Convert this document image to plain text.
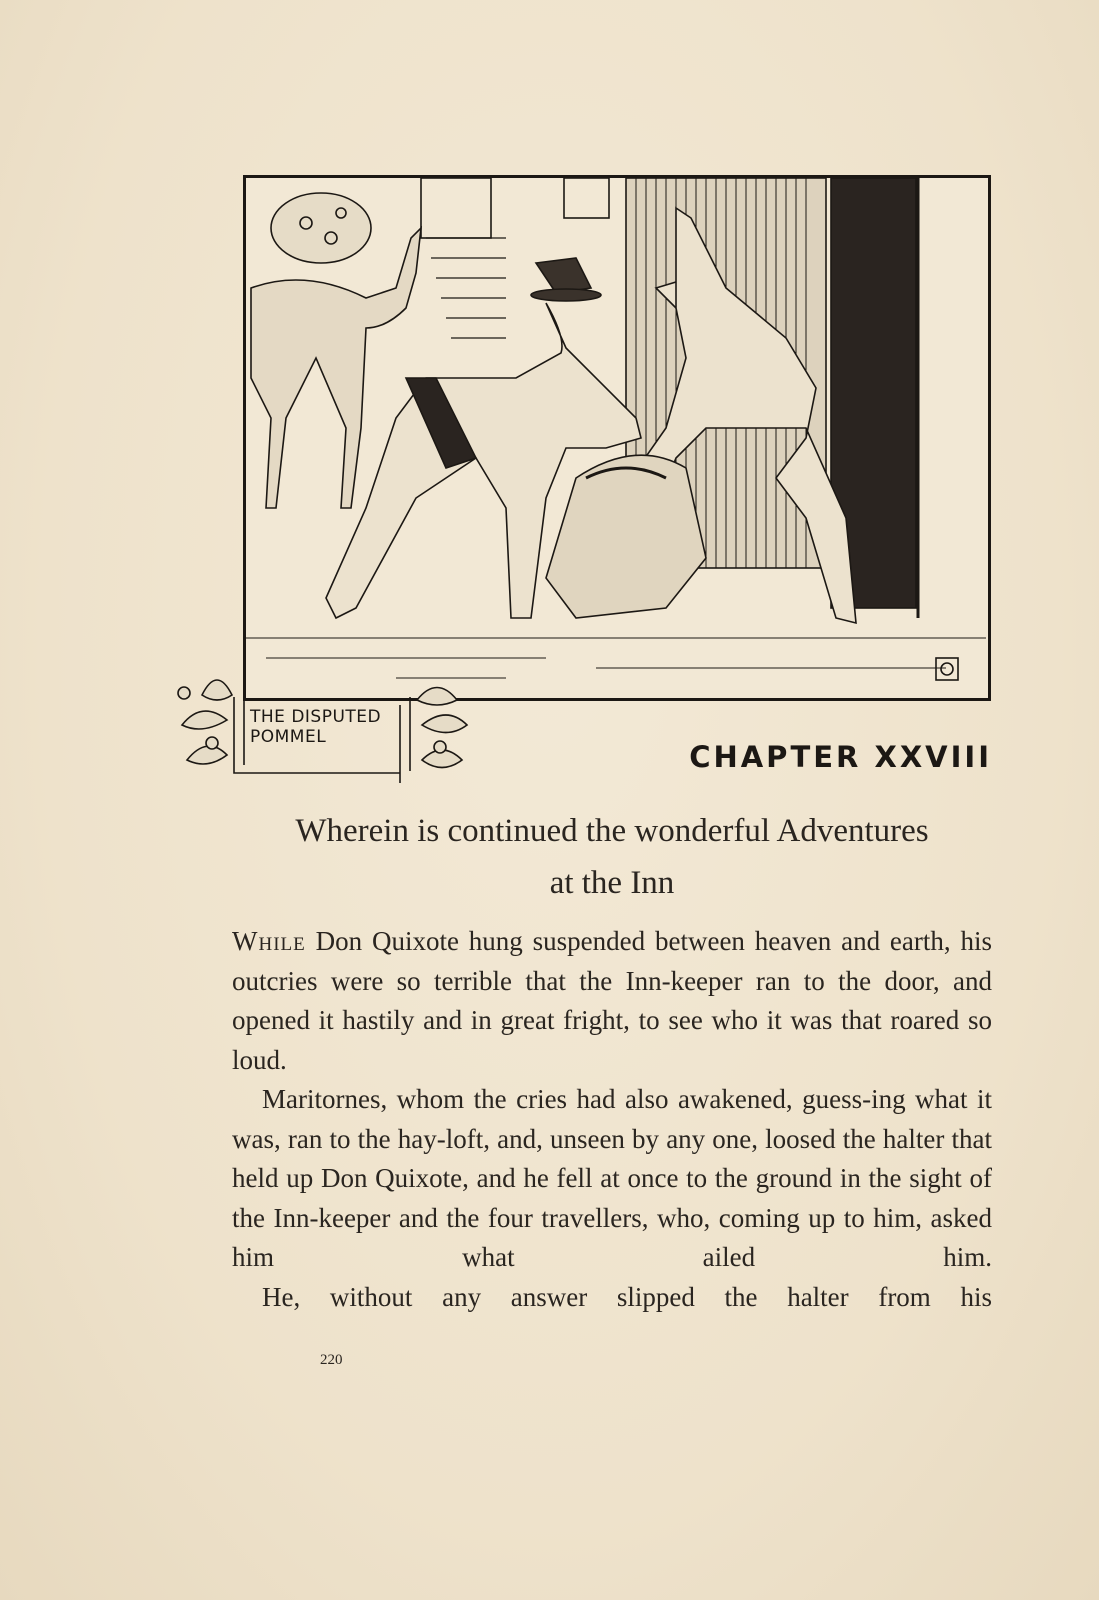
THE DISPUTED
POMMEL
CHAPTER XXVIII
Wherein is continued the wonderful Adventures
at the Inn

While Don Quixote hung suspended between heaven and earth, his outcries were so terrible that the Inn-keeper ran to the door, and opened it hastily and in great fright, to see who it was that roared so loud.

Maritornes, whom the cries had also awakened, guess-ing what it was, ran to the hay-loft, and, unseen by any one, loosed the halter that held up Don Quixote, and he fell at once to the ground in the sight of the Inn-keeper and the four travellers, who, coming up to him, asked him what ailed him.

He, without any answer slipped the halter from his

220
